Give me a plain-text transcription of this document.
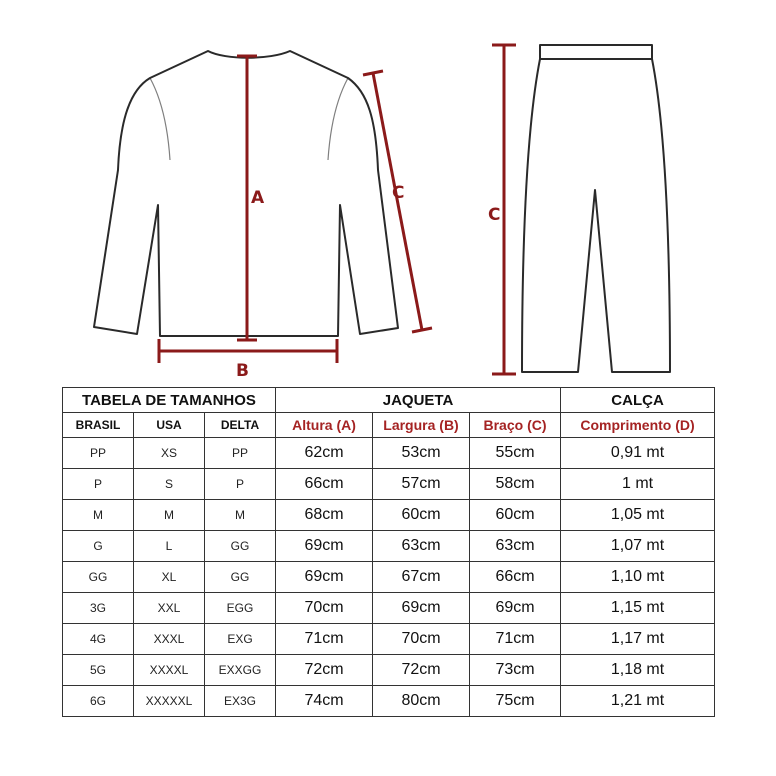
A
B
C
C
TABELA DE TAMANHOS			JAQUETA			CALÇA
BRASIL	USA	DELTA	Altura (A)	Largura (B)	Braço (C)	Comprimento (D)
PP	XS	PP	62cm	53cm	55cm	0,91 mt
P	S	P	66cm	57cm	58cm	1 mt
M	M	M	68cm	60cm	60cm	1,05 mt
G	L	GG	69cm	63cm	63cm	1,07 mt
GG	XL	GG	69cm	67cm	66cm	1,10 mt
3G	XXL	EGG	70cm	69cm	69cm	1,15 mt
4G	XXXL	EXG	71cm	70cm	71cm	1,17 mt
5G	XXXXL	EXXGG	72cm	72cm	73cm	1,18 mt
6G	XXXXXL	EX3G	74cm	80cm	75cm	1,21 mt
